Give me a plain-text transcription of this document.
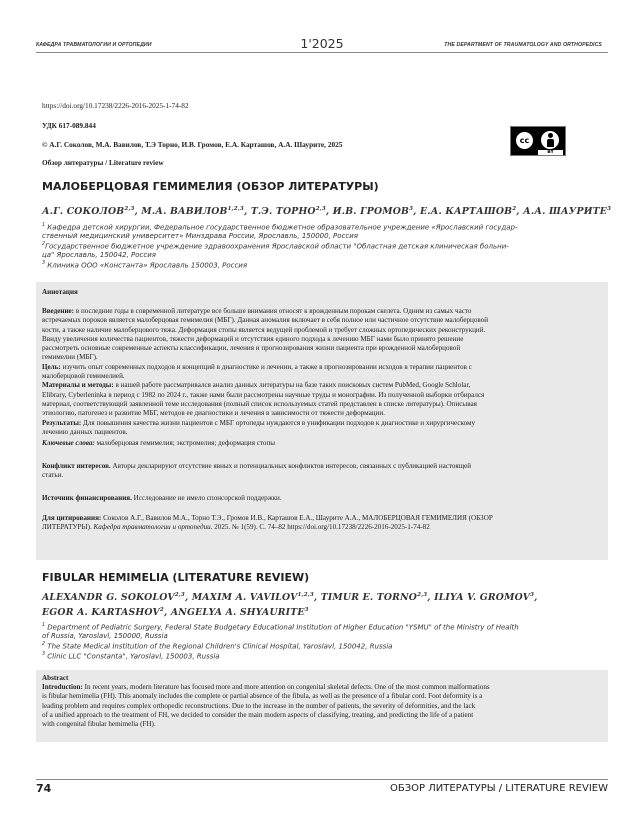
КАФЕДРА ТРАВМАТОЛОГИИ И ОРТОПЕДИИ	1'2025	THE DEPARTMENT OF TRAUMATOLOGY AND ORTHOPEDICS
https://doi.org/10.17238/2226-2016-2025-1-74-82
УДК 617-089.844
© А.Г. Соколов, М.А. Вавилов, Т.Э Торно, И.В. Громов, Е.А. Карташов, А.А. Шаурите, 2025
Обзор литературы / Literature review
cc
BY
МАЛОБЕРЦОВАЯ ГЕМИМЕЛИЯ (ОБЗОР ЛИТЕРАТУРЫ)
А.Г. СОКОЛОВ$^{2,3}$, М.А. ВАВИЛОВ$^{1,2,3}$, Т.Э. ТОРНО$^{2,3}$, И.В. ГРОМОВ$^3$, Е.А. КАРТАШОВ$^2$, А.А. ШАУРИТЕ$^3$
$^1$ Кафедра детской хирургии, Федеральное государственное бюджетное образовательное учреждение «Ярославский государ-
ственный медицинский университет» Минздрава России, Ярославль, 150000, Россия
$^2$Государственное бюджетное учреждение здравоохранения Ярославской области "Областная детская клиническая больни-
ца" Ярославль, 150042, Россия
$^3$ Клиника ООО «Константа» Ярославль 150003, Россия
Аннотация
Введение: в последние годы в современной литературе все больше внимания относят к врожденным порокам скелета. Одним из самых часто
встречаемых пороков является малоберцовая гемимелия (МБГ). Данная аномалия включает в себя полное или частичное отсутствие малоберцовой
кости, а также наличие малоберцового тяжа. Деформация стопы является ведущей проблемой и требует сложных ортопедических реконструкций.
Ввиду увеличения количества пациентов, тяжести деформаций и отсутствия единого подхода к лечению МБГ нами было принято решение
рассмотреть основные современные аспекты классификации, лечения и прогнозирования жизни пациента при врожденной малоберцовой
гемимелии (МБГ).
Цель: изучить опыт современных подходов и концепций в диагностике и лечении, а также в прогнозировании исходов в терапии пациентов с
малоберцовой гемимелией.
Материалы и методы: в нашей работе рассматривался анализ данных литературы на базе таких поисковых систем PubMed, Google Schlolar,
Elibrary, Cyberleninka в период с 1982 по 2024 г., также нами были рассмотрены научные труды и монографии. Из полученной выборки отбирался
материал, соответствующий заявленной теме исследования (полный список используемых статей представлен в списке литературы). Описывая
этиологию, патогенез и развитие МБГ, методов ее диагностики и лечения в зависимости от тяжести деформации.
Результаты: Для повышения качества жизни пациентов с МБГ ортопеды нуждаются в унификации подходов к диагностике и хирургическому
лечению данных пациентов.
Ключевые слова: малоберцовая гемимелия; экстромелия; деформация стопы
Конфликт интересов. Авторы декларируют отсутствие явных и потенциальных конфликтов интересов, связанных с публикацией настоящей
статьи.
Источник финансирования. Исследование не имело спонсорской поддержки.
Для цитирования: Соколов А.Г., Вавилов М.А., Торно Т.Э., Громов И.В., Карташов Е.А., Шаурите А.А., МАЛОБЕРЦОВАЯ ГЕМИМЕЛИЯ (ОБЗОР
ЛИТЕРАТУРЫ). Кафедра травматологии и ортопедии. 2025. № 1(59). С. 74–82 https://doi.org/10.17238/2226-2016-2025-1-74-82
FIBULAR HEMIMELIA (LITERATURE REVIEW)
ALEXANDR G. SOKOLOV$^{2,3}$, MAXIM A. VAVILOV$^{1,2,3}$, TIMUR E. TORNO$^{2,3}$, ILIYA V. GROMOV$^3$,
EGOR A. KARTASHOV$^2$, ANGELYA A. SHYAURITE$^3$
$^1$ Department of Pediatric Surgery, Federal State Budgetary Educational Institution of Higher Education "YSMU" of the Ministry of Health
of Russia, Yaroslavl, 150000, Russia
$^2$ The State Medical Institution of the Regional Children's Clinical Hospital, Yaroslavl, 150042, Russia
$^3$ Clinic LLC "Constanta", Yaroslavl, 150003, Russia
Abstract
Introduction: In recent years, modern literature has focused more and more attention on congenital skeletal defects. One of the most common malformations
is fibular hemimelia (FH). This anomaly includes the complete or partial absence of the fibula, as well as the presence of a fibular cord. Foot deformity is a
leading problem and requires complex orthopedic reconstructions. Due to the increase in the number of patients, the severity of deformities, and the lack
of a unified approach to the treatment of FH, we decided to consider the main modern aspects of classifying, treating, and predicting the life of a patient
with congenital fibular hemimelia (FH).
74	ОБЗОР ЛИТЕРАТУРЫ / LITERATURE REVIEW
